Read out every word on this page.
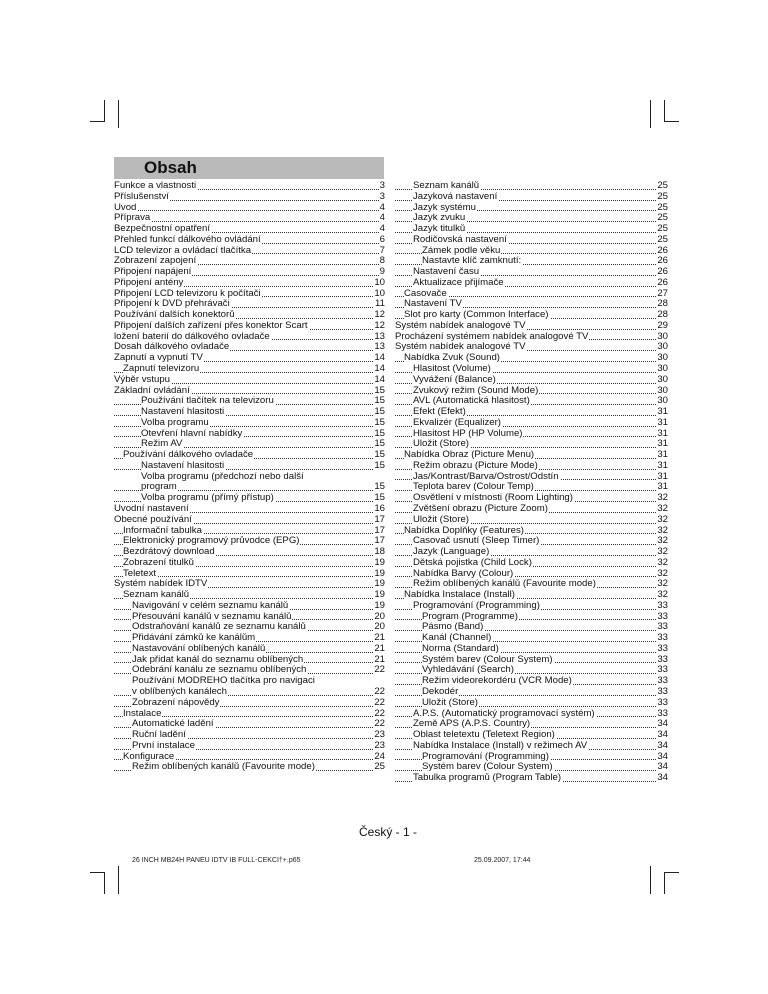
Obsah
Funkce a vlastnosti	3
Příslušenství	3
Úvod	4
Příprava	4
Bezpečnostní opatření	4
Přehled funkcí dálkového ovládání	6
LCD televizor a ovládací tlačítka	7
Zobrazení zapojení	8
Připojení napájení	9
Připojení antény	10
Připojení LCD televizoru k počítači	10
Připojení k DVD přehrávači	11
Používání dalších konektorů	12
Připojení dalších zařízení přes konektor Scart	12
ložení baterií do dálkového ovladače	13
Dosah dálkového ovladače	13
Zapnutí a vypnutí TV	14
Zapnutí televizoru	14
Výběr vstupu	14
Základní ovládání	15
Používání tlačítek na televizoru	15
Nastavení hlasitosti	15
Volba programu	15
Otevření hlavní nabídky	15
Režim AV	15
Používání dálkového ovladače	15
Nastavení hlasitosti	15
Volba programu (předchozí nebo další
program	15
Volba programu (přímý přístup)	15
Úvodní nastavení	16
Obecné používání	17
Informační tabulka	17
Elektronický programový průvodce (EPG)	17
Bezdrátový download	18
Zobrazení titulků	19
Teletext	19
Systém nabídek IDTV	19
Seznam kanálů	19
Navigování v celém seznamu kanálů	19
Přesouvání kanálů v seznamu kanálů	20
Odstraňování kanálů ze seznamu kanálů	20
Přidávání zámků ke kanálům	21
Nastavování oblíbených kanálů	21
Jak přidat kanál do seznamu oblíbených	21
Odebrání kanálu ze seznamu oblíbených	22
Používání MODRÉHO tlačítka pro navigaci
v oblíbených kanálech	22
Zobrazení nápovědy	22
Instalace	22
Automatické ladění	22
Ruční ladění	23
První instalace	23
Konfigurace	24
Režim oblíbených kanálů (Favourite mode)	25
Seznam kanálů	25
Jazyková nastavení	25
Jazyk systému	25
Jazyk zvuku	25
Jazyk titulků	25
Rodičovská nastavení	25
Zámek podle věku	26
Nastavte klíč zamknutí:	26
Nastavení času	26
Aktualizace přijímače	26
Časovače	27
Nastavení TV	28
Slot pro karty (Common Interface)	28
Systém nabídek analogové TV	29
Procházení systémem nabídek analogové TV	30
Systém nabídek analogové TV	30
Nabídka Zvuk (Sound)	30
Hlasitost (Volume)	30
Vyvážení (Balance)	30
Zvukový režim (Sound Mode)	30
AVL (Automatická hlasitost)	30
Efekt (Efekt)	31
Ekvalizér (Equalizer)	31
Hlasitost HP (HP Volume)	31
Uložit (Store)	31
Nabídka Obraz (Picture Menu)	31
Režim obrazu (Picture Mode)	31
Jas/Kontrast/Barva/Ostrost/Odstín	31
Teplota barev (Colour Temp)	31
Osvětlení v místnosti (Room Lighting)	32
Zvětšení obrazu (Picture Zoom)	32
Uložit (Store)	32
Nabídka Doplňky (Features)	32
Časovač usnutí (Sleep Timer)	32
Jazyk (Language)	32
Dětská pojistka (Child Lock)	32
Nabídka Barvy (Colour)	32
Režim oblíbených kanálů (Favourite mode)	32
Nabídka Instalace (Install)	32
Programování (Programming)	33
Program (Programme)	33
Pásmo (Band)	33
Kanál (Channel)	33
Norma (Standard)	33
Systém barev (Colour System)	33
Vyhledávání (Search)	33
Režim videorekordéru (VCR Mode)	33
Dekodér	33
Uložit (Store)	33
A.P.S. (Automatický programovací systém)	33
Země APS (A.P.S. Country)	34
Oblast teletextu (Teletext Region)	34
Nabídka Instalace (Install) v režimech AV	34
Programování (Programming)	34
Systém barev (Colour System)	34
Tabulka programů (Program Table)	34
Český - 1 -
26 INCH MB24H PANEU IDTV IB FULL-CEKCI†+.p65	25.09.2007, 17:44
